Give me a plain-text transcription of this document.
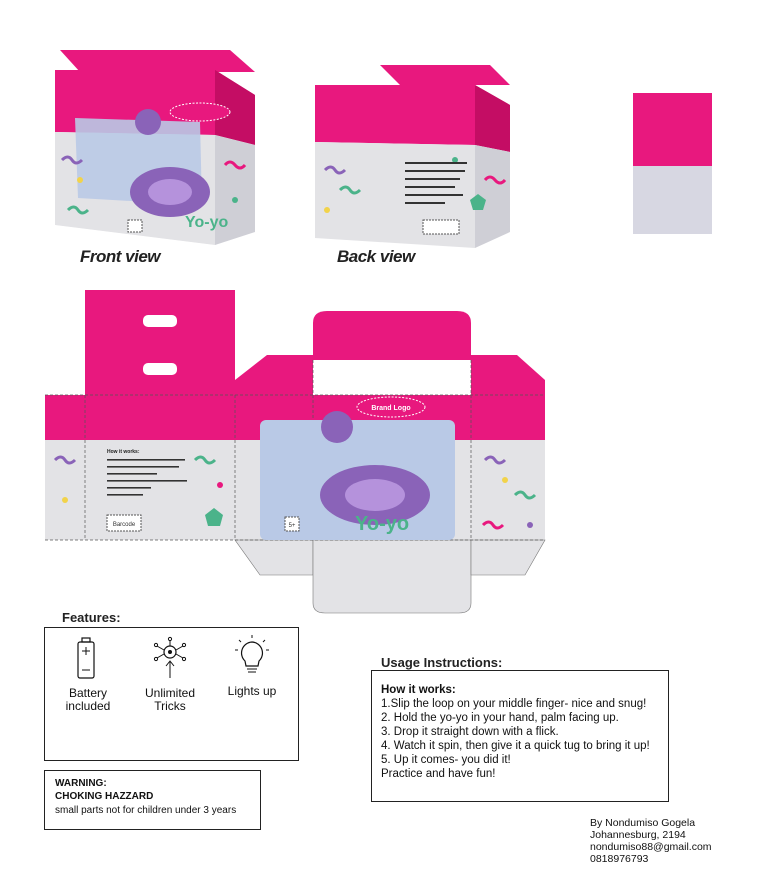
Yo-yo
Front view	Back view
Yo-yo
Brand Logo
How it works:
Barcode	5+
Features:
Battery included
Unlimited Tricks
Lights up
WARNING:
CHOKING HAZZARD
small parts not for children under 3 years
Usage Instructions:
How it works:
1.Slip the loop on your middle finger- nice and snug!
2. Hold the yo-yo in your hand, palm facing up.
3. Drop it straight down with a flick.
4. Watch it spin, then give it a quick tug to bring it up!
5. Up it comes- you did it!
Practice and have fun!
By Nondumiso Gogela
Johannesburg, 2194
nondumiso88@gmail.com
0818976793
